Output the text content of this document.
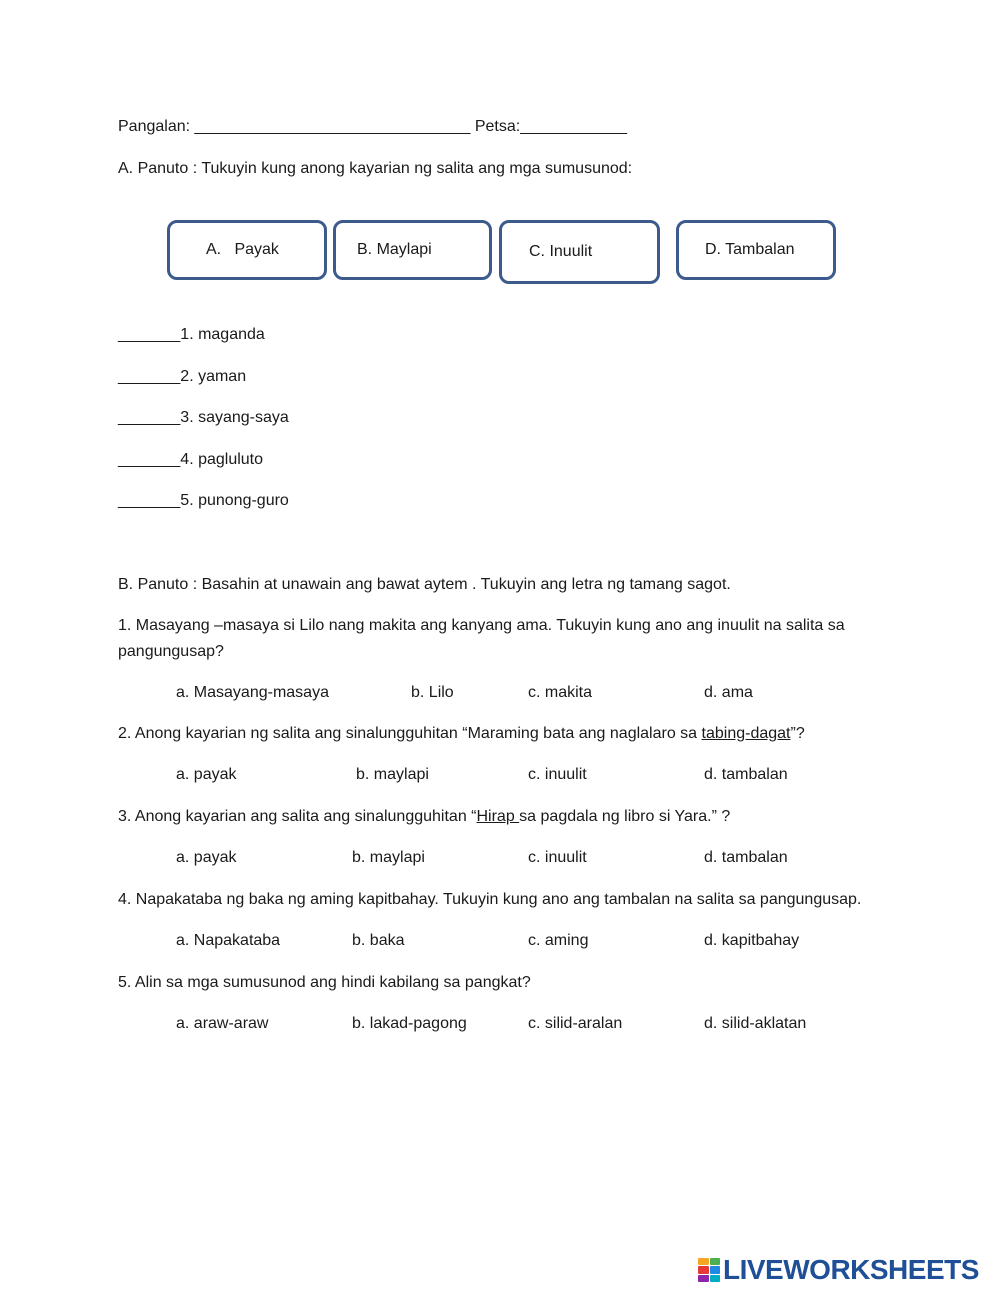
Pangalan: _______________________________ Petsa:____________
A. Panuto : Tukuyin kung anong kayarian ng salita ang mga sumusunod:
A.   Payak	B. Maylapi	C. Inuulit	D. Tambalan
_______1. maganda
_______2. yaman
_______3. sayang-saya
_______4. pagluluto
_______5. punong-guro
B. Panuto : Basahin at unawain ang bawat aytem . Tukuyin ang letra ng tamang sagot.
1. Masayang –masaya si Lilo nang makita ang kanyang ama. Tukuyin kung ano ang inuulit na salita sa
pangungusap?
a. Masayang-masaya	b. Lilo	c. makita	d. ama
2. Anong kayarian ng salita ang sinalungguhitan “Maraming bata ang naglalaro sa tabing-dagat”?
a. payak	b. maylapi	c. inuulit	d. tambalan
3. Anong kayarian ang salita ang sinalungguhitan “Hirap sa pagdala ng libro si Yara.” ?
a. payak	b. maylapi	c. inuulit	d. tambalan
4. Napakataba ng baka ng aming kapitbahay. Tukuyin kung ano ang tambalan na salita sa pangungusap.
a. Napakataba	b. baka	c. aming	d. kapitbahay
5. Alin sa mga sumusunod ang hindi kabilang sa pangkat?
a. araw-araw	b. lakad-pagong	c. silid-aralan	d. silid-aklatan
LIVEWORKSHEETS
